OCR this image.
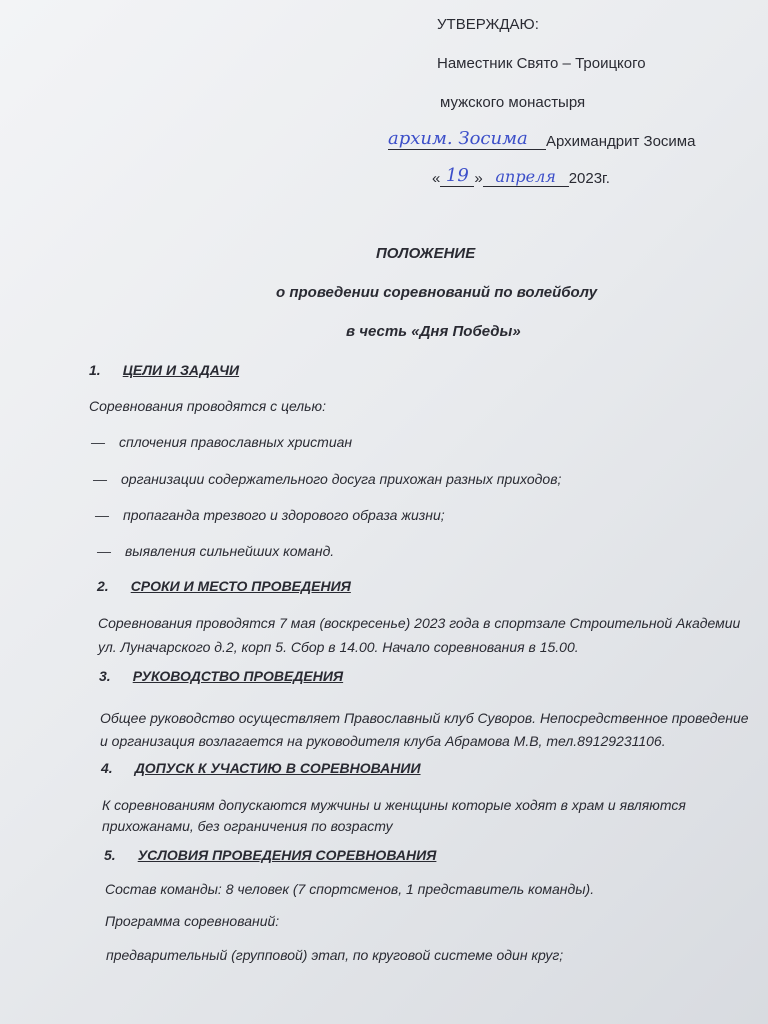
УТВЕРЖДАЮ:
Наместник Свято – Троицкого
мужского монастыря
архим. Зосима	Архимандрит Зосима
« 19 » апреля 2023г.
ПОЛОЖЕНИЕ
о проведении соревнований по волейболу
в честь «Дня Победы»
1. ЦЕЛИ И ЗАДАЧИ
Соревнования проводятся с целью:
— сплочения православных христиан
— организации содержательного досуга прихожан разных приходов;
— пропаганда трезвого и здорового образа жизни;
— выявления сильнейших команд.
2. СРОКИ И МЕСТО ПРОВЕДЕНИЯ
Соревнования проводятся 7 мая (воскресенье) 2023 года в спортзале Строительной Академии
ул. Луначарского д.2, корп 5. Сбор в 14.00. Начало соревнования в 15.00.
3. РУКОВОДСТВО ПРОВЕДЕНИЯ
Общее руководство осуществляет Православный клуб Суворов. Непосредственное проведение
и организация возлагается на руководителя клуба Абрамова М.В, тел.89129231106.
4. ДОПУСК К УЧАСТИЮ В СОРЕВНОВАНИИ
К соревнованиям допускаются мужчины и женщины которые ходят в храм и являются
прихожанами, без ограничения по возрасту
5. УСЛОВИЯ ПРОВЕДЕНИЯ СОРЕВНОВАНИЯ
Состав команды: 8 человек (7 спортсменов, 1 представитель команды).
Программа соревнований:
предварительный (групповой) этап, по круговой системе один круг;
